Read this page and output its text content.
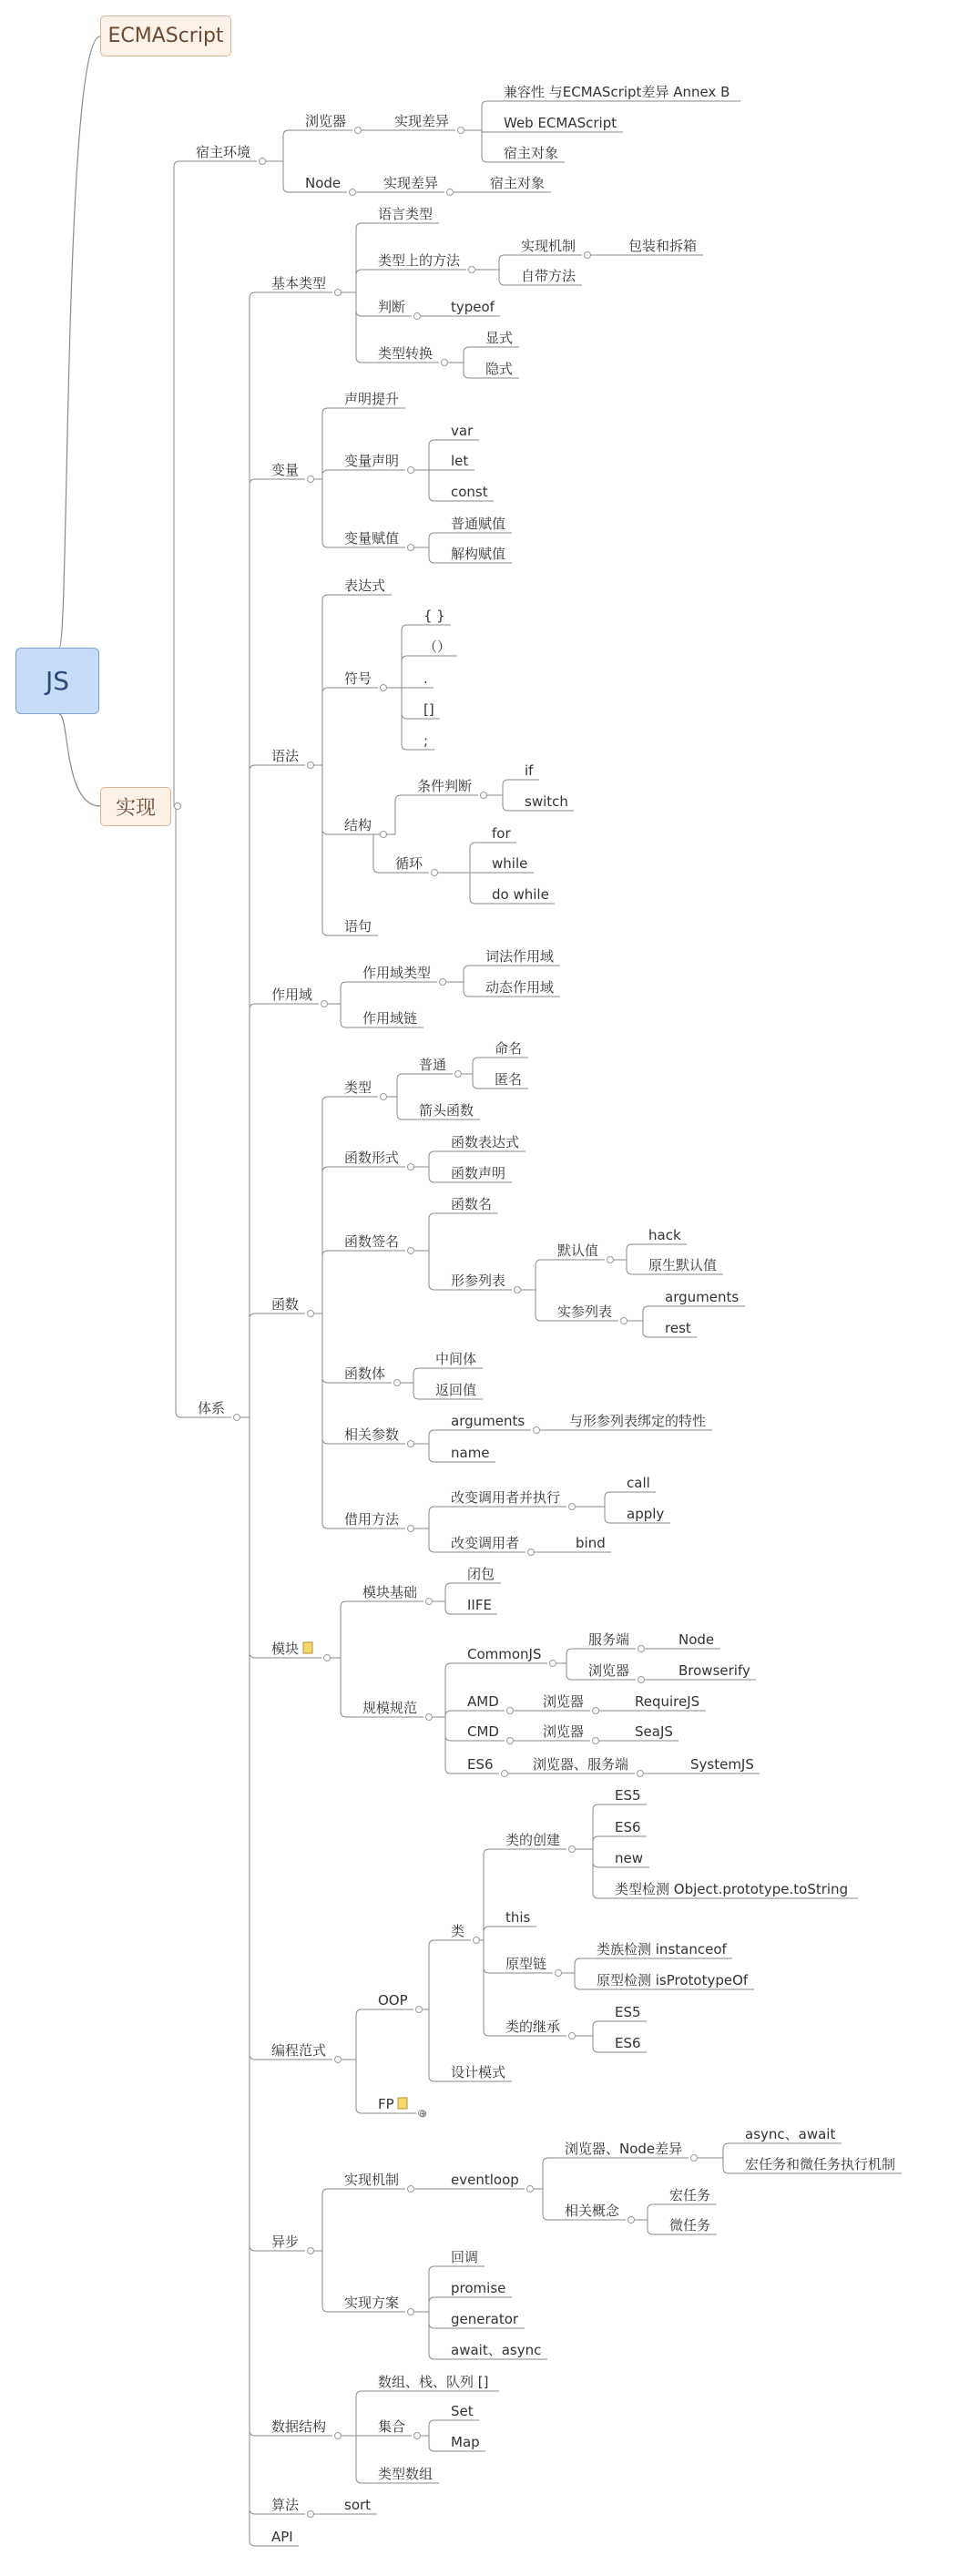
JS
ECMAScript
实现
宿主环境
浏览器	实现差异
兼容性 与ECMAScript差异 Annex B
Web ECMAScript
宿主对象
Node	实现差异	宿主对象
体系
基本类型
语言类型
类型上的方法
实现机制	包装和拆箱
自带方法
判断	typeof
类型转换
显式
隐式
变量
声明提升
变量声明
var
let
const
变量赋值
普通赋值
解构赋值
语法
表达式
符号
{ }
（）
.
[]
;
结构
条件判断
if
switch
循环
for
while
do while
语句
作用域
作用域类型
词法作用域
动态作用域
作用域链
函数
类型
普通
命名
匿名
箭头函数
函数形式
函数表达式
函数声明
函数签名
函数名
形参列表
默认值
hack
原生默认值
实参列表
arguments
rest
函数体
中间体
返回值
相关参数
arguments	与形参列表绑定的特性
name
借用方法
改变调用者并执行
call
apply
改变调用者	bind
模块
模块基础
闭包
IIFE
规模规范
CommonJS
服务端	Node
浏览器	Browserify
AMD	浏览器	RequireJS
CMD	浏览器	SeaJS
ES6	浏览器、服务端	SystemJS
编程范式
OOP
类
类的创建
ES5
ES6
new
类型检测 Object.prototype.toString
this
原型链
类族检测 instanceof
原型检测 isPrototypeOf
类的继承
ES5
ES6
设计模式
FP
异步
实现机制	eventloop
浏览器、Node差异
async、await
宏任务和微任务执行机制
相关概念
宏任务
微任务
实现方案
回调
promise
generator
await、async
数据结构
数组、栈、队列 []
集合
Set
Map
类型数组
算法	sort
API
⊕
